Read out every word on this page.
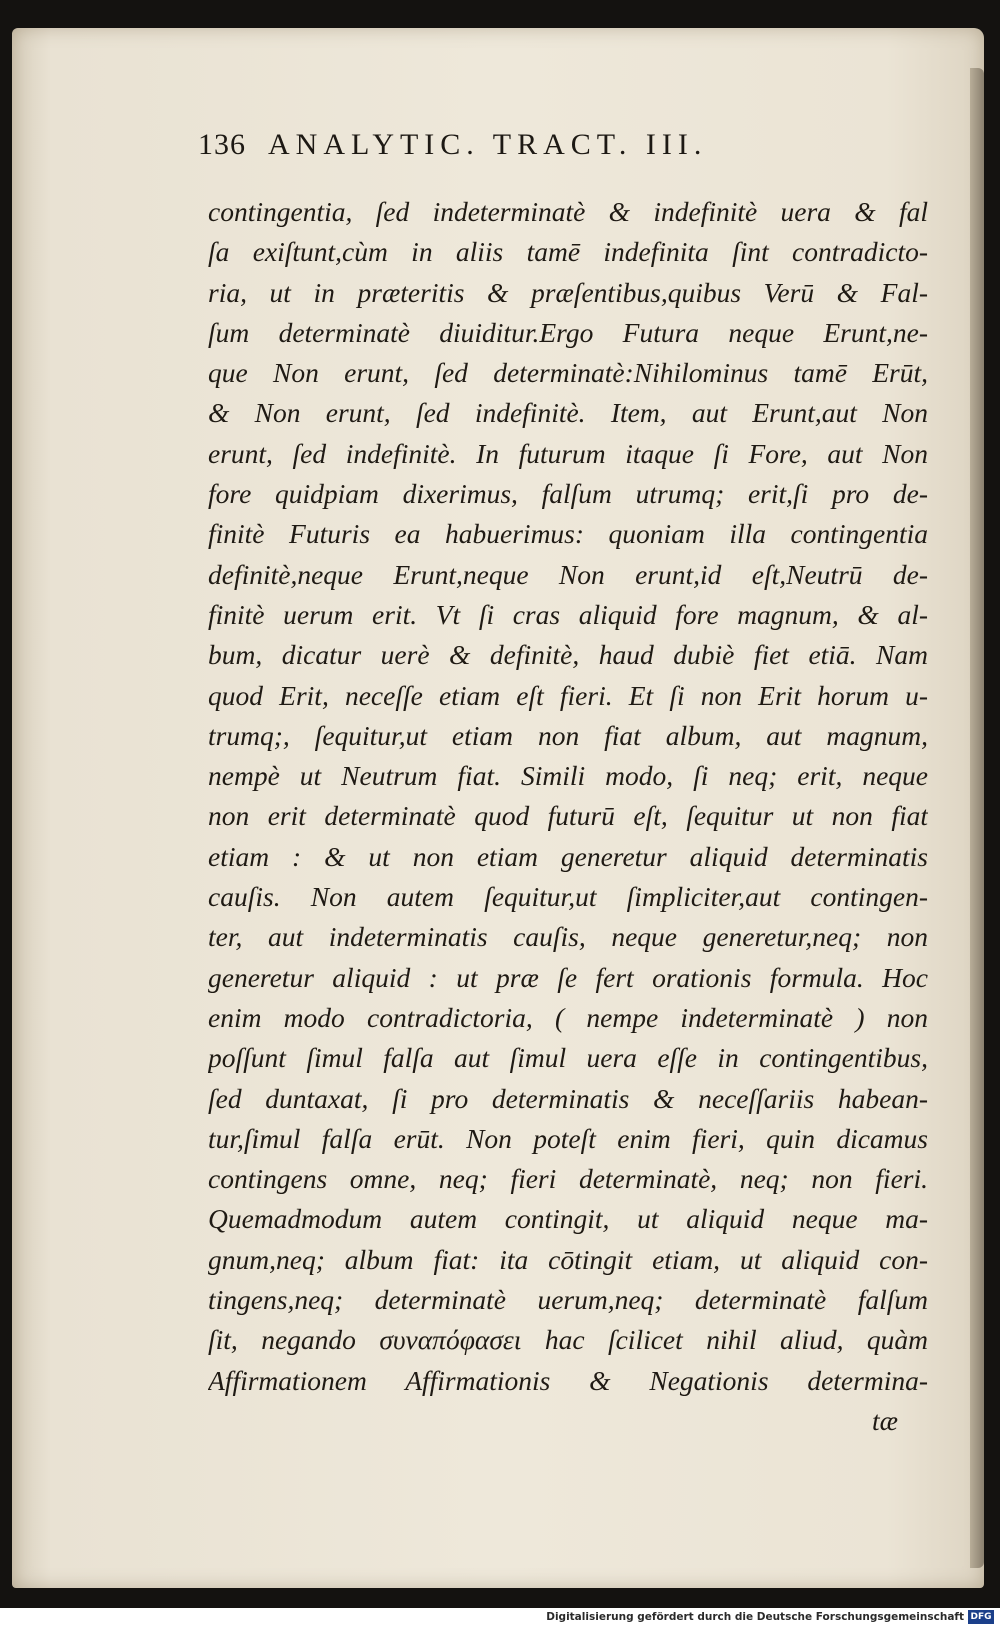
136 ANALYTIC. TRACT. III.
contingentia, ſed indeterminatè & indefinitè uera & fal
ſa exiſtunt,cùm in aliis tamē indefinita ſint contradicto-
ria, ut in præteritis & præſentibus,quibus Verū & Fal-
ſum determinatè diuiditur.Ergo Futura neque Erunt,ne-
que Non erunt, ſed determinatè:Nihilominus tamē Erūt,
& Non erunt, ſed indefinitè. Item, aut Erunt,aut Non
erunt, ſed indefinitè. In futurum itaque ſi Fore, aut Non
fore quidpiam dixerimus, falſum utrumq; erit,ſi pro de-
finitè Futuris ea habuerimus: quoniam illa contingentia
definitè,neque Erunt,neque Non erunt,id eſt,Neutrū de-
finitè uerum erit. Vt ſi cras aliquid fore magnum, & al-
bum, dicatur uerè & definitè, haud dubiè fiet etiā. Nam
quod Erit, neceſſe etiam eſt fieri. Et ſi non Erit horum u-
trumq;, ſequitur,ut etiam non fiat album, aut magnum,
nempè ut Neutrum fiat. Simili modo, ſi neq; erit, neque
non erit determinatè quod futurū eſt, ſequitur ut non fiat
etiam : & ut non etiam generetur aliquid determinatis
cauſis. Non autem ſequitur,ut ſimpliciter,aut contingen-
ter, aut indeterminatis cauſis, neque generetur,neq; non
generetur aliquid : ut præ ſe fert orationis formula. Hoc
enim modo contradictoria, ( nempe indeterminatè ) non
poſſunt ſimul falſa aut ſimul uera eſſe in contingentibus,
ſed duntaxat, ſi pro determinatis & neceſſariis habean-
tur,ſimul falſa erūt. Non poteſt enim fieri, quin dicamus
contingens omne, neq; fieri determinatè, neq; non fieri.
Quemadmodum autem contingit, ut aliquid neque ma-
gnum,neq; album fiat: ita cōtingit etiam, ut aliquid con-
tingens,neq; determinatè uerum,neq; determinatè falſum
ſit, negando συναπόφασει hac ſcilicet nihil aliud, quàm
Affirmationem Affirmationis & Negationis determina-
tæ
Digitalisierung gefördert durch die Deutsche Forschungsgemeinschaft DFG
